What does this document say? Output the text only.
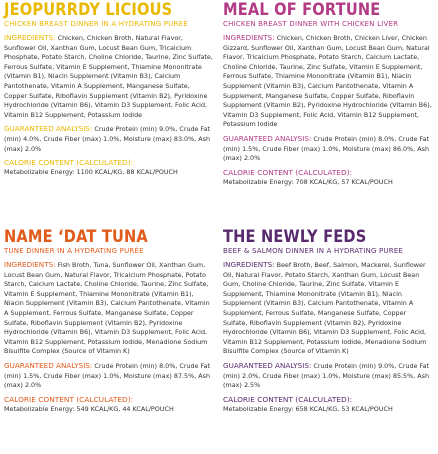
JEOPURRDY LICIOUS
CHICKEN BREAST DINNER IN A HYDRATING PUREE

INGREDIENTS: Chicken, Chicken Broth, Natural Flavor, Sunflower Oil, Xanthan Gum, Locust Bean Gum, Tricalcium Phosphate, Potato Starch, Choline Chloride, Taurine, Zinc Sulfate, Ferrous Sulfate, Vitamin E Supplement, Thiamine Mononitrate (Vitamin B1), Niacin Supplement (Vitamin B3), Calcium Pantothenate, Vitamin A Supplement, Manganese Sulfate, Copper Sulfate, Riboflavin Supplement (Vitamin B2), Pyridoxine Hydrochloride (Vitamin B6), Vitamin D3 Supplement, Folic Acid, Vitamin B12 Supplement, Potassium Iodide

GUARANTEED ANALYSIS: Crude Protein (min) 9.0%, Crude Fat (min) 4.0%, Crude Fiber (max) 1.0%, Moisture (max) 83.0%, Ash (max) 2.0%

CALORIE CONTENT (CALCULATED):
Metabolizable Energy: 1100 KCAL/KG, 88 KCAL/POUCH

MEAL OF FORTUNE
CHICKEN BREAST DINNER WITH CHICKEN LIVER

INGREDIENTS: Chicken, Chicken Broth, Chicken Liver, Chicken Gizzard, Sunflower Oil, Xanthan Gum, Locust Bean Gum, Natural Flavor, Tricalcium Phosphate, Potato Starch, Calcium Lactate, Choline Chloride, Taurine, Zinc Sulfate, Vitamin E Supplement, Ferrous Sulfate, Thiamine Mononitrate (Vitamin B1), Niacin Supplement (Vitamin B3), Calcium Pantothenate, Vitamin A Supplement, Manganese Sulfate, Copper Sulfate, Riboflavin Supplement (Vitamin B2), Pyridoxine Hydrochloride (Vitamin B6), Vitamin D3 Supplement, Folic Acid, Vitamin B12 Supplement, Potassium Iodide

GUARANTEED ANALYSIS: Crude Protein (min) 8.0%, Crude Fat (min) 1.5%, Crude Fiber (max) 1.0%, Moisture (max) 86.0%, Ash (max) 2.0%

CALORIE CONTENT (CALCULATED):
Metabolizable Energy: 708 KCAL/KG, 57 KCAL/POUCH

NAME ‘DAT TUNA
TUNE DINNER IN A HYDRATING PURÉE

INGREDIENTS: Fish Broth, Tuna, Sunflower Oil, Xanthan Gum, Locust Bean Gum, Natural Flavor, Tricalcium Phosphate, Potato Starch, Calcium Lactate, Choline Chloride, Taurine, Zinc Sulfate, Vitamin E Supplement, Thiamine Mononitrate (Vitamin B1), Niacin Supplement (Vitamin B3), Calcium Pantothenate, Vitamin A Supplement, Ferrous Sulfate, Manganese Sulfate, Copper Sulfate, Riboflavin Supplement (Vitamin B2), Pyridoxine Hydrochloride (Vitamin B6), Vitamin D3 Supplement, Folic Acid, Vitamin B12 Supplement, Potassium Iodide, Menadione Sodium Bisulfite Complex (Source of Vitamin K)

GUARANTEED ANALYSIS: Crude Protein (min) 8.0%, Crude Fat (min) 1.5%, Crude Fiber (max) 1.0%, Moisture (max) 87.5%, Ash (max) 2.0%

CALORIE CONTENT (CALCULATED):
Metabolizable Energy: 549 KCAL/KG, 44 KCAL/POUCH

THE NEWLY FEDS
BEEF & SALMON DINNER IN A HYDRATING PUREE

INGREDIENTS: Beef Broth, Beef, Salmon, Mackerel, Sunflower Oil, Natural Flavor, Potato Starch, Xanthan Gum, Locust Bean Gum, Choline Chloride, Taurine, Zinc Sulfate, Vitamin E Supplement, Thiamine Mononitrate (Vitamin B1), Niacin Supplement (Vitamin B3), Calcium Pantothenate, Vitamin A Supplement, Ferrous Sulfate, Manganese Sulfate, Copper Sulfate, Riboflavin Supplement (Vitamin B2), Pyridoxine Hydrochloride (Vitamin B6), Vitamin D3 Supplement, Folic Acid, Vitamin B12 Supplement, Potassium Iodide, Menadione Sodium Bisulfite Complex (Source of Vitamin K)

GUARANTEED ANALYSIS: Crude Protein (min) 9.0%, Crude Fat (min) 2.0%, Crude Fiber (max) 1.0%, Moisture (max) 85.5%, Ash (max) 2.5%

CALORIE CONTENT (CALCULATED):
Metabolizable Energy: 658 KCAL/KG, 53 KCAL/POUCH
